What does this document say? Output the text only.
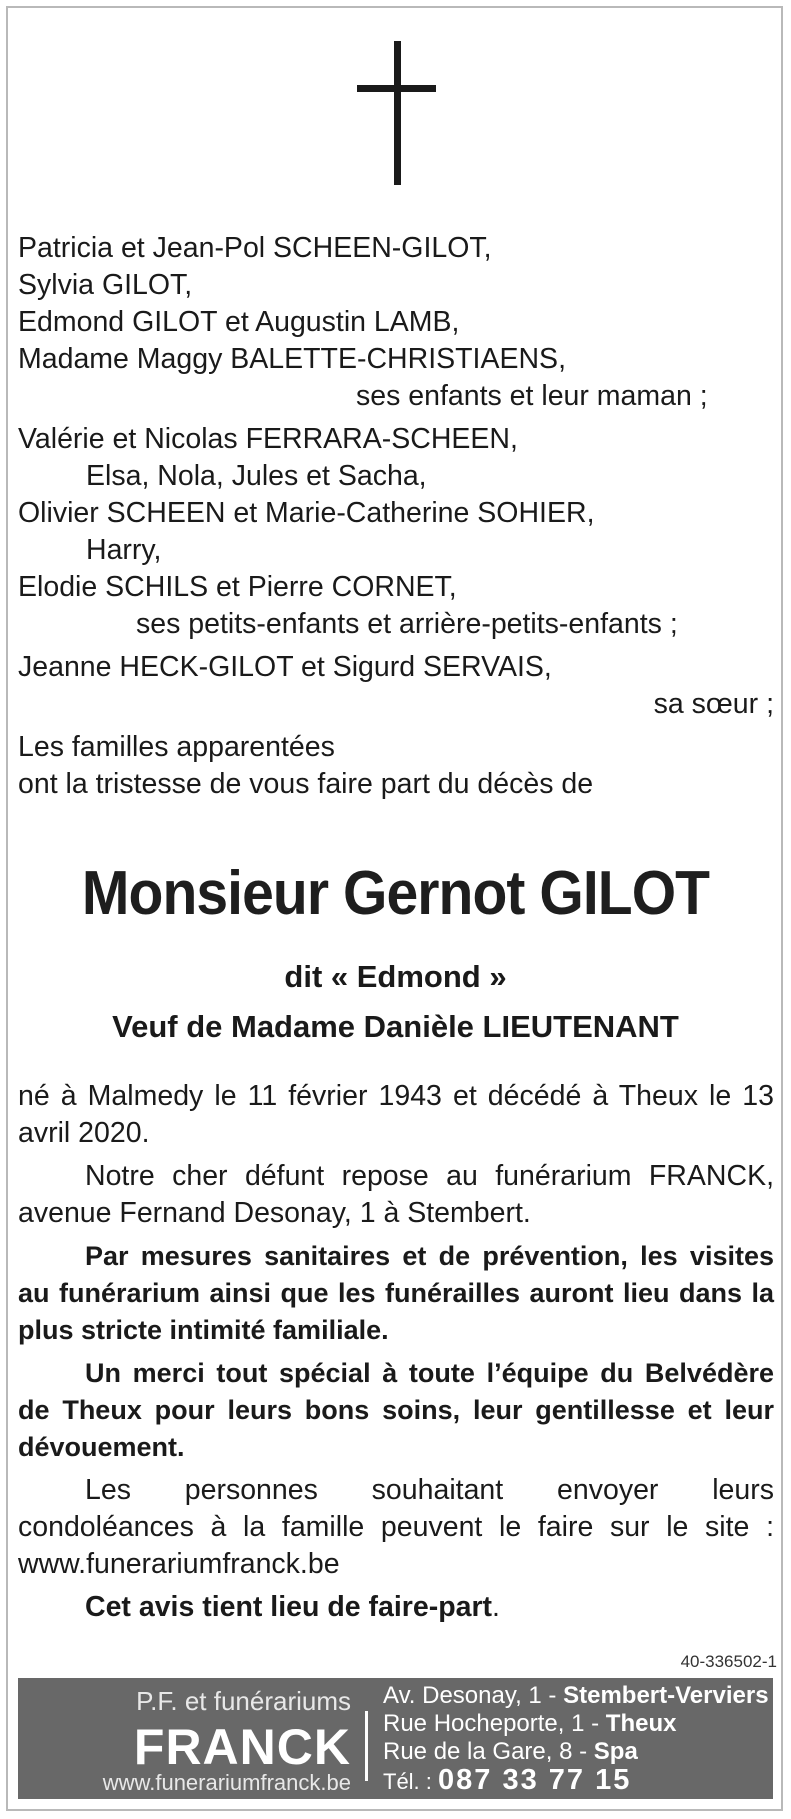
Patricia et Jean-Pol SCHEEN-GILOT,
Sylvia GILOT,
Edmond GILOT et Augustin LAMB,
Madame Maggy BALETTE-CHRISTIAENS,
ses enfants et leur maman ;
Valérie et Nicolas FERRARA-SCHEEN,
Elsa, Nola, Jules et Sacha,
Olivier SCHEEN et Marie-Catherine SOHIER,
Harry,
Elodie SCHILS et Pierre CORNET,
ses petits-enfants et arrière-petits-enfants ;
Jeanne HECK-GILOT et Sigurd SERVAIS,
sa sœur ;
Les familles apparentées
ont la tristesse de vous faire part du décès de
Monsieur Gernot GILOT
dit « Edmond »
Veuf de Madame Danièle LIEUTENANT

né à Malmedy le 11 février 1943 et décédé à Theux le 13 avril 2020.

Notre cher défunt repose au funérarium FRANCK, avenue Fernand Desonay, 1 à Stembert.

Par mesures sanitaires et de prévention, les visites au funérarium ainsi que les funérailles auront lieu dans la plus stricte intimité familiale.

Un merci tout spécial à toute l’équipe du Belvédère de Theux pour leurs bons soins, leur gentillesse et leur dévouement.

Les personnes souhaitant envoyer leurs condoléances à la famille peuvent le faire sur le site : www.funerariumfranck.be

Cet avis tient lieu de faire-part.

40-336502-1
P.F. et funérariums
FRANCK
www.funerariumfranck.be
Av. Desonay, 1 - Stembert-Verviers
Rue Hocheporte, 1 - Theux
Rue de la Gare, 8 - Spa
Tél. : 087 33 77 15
